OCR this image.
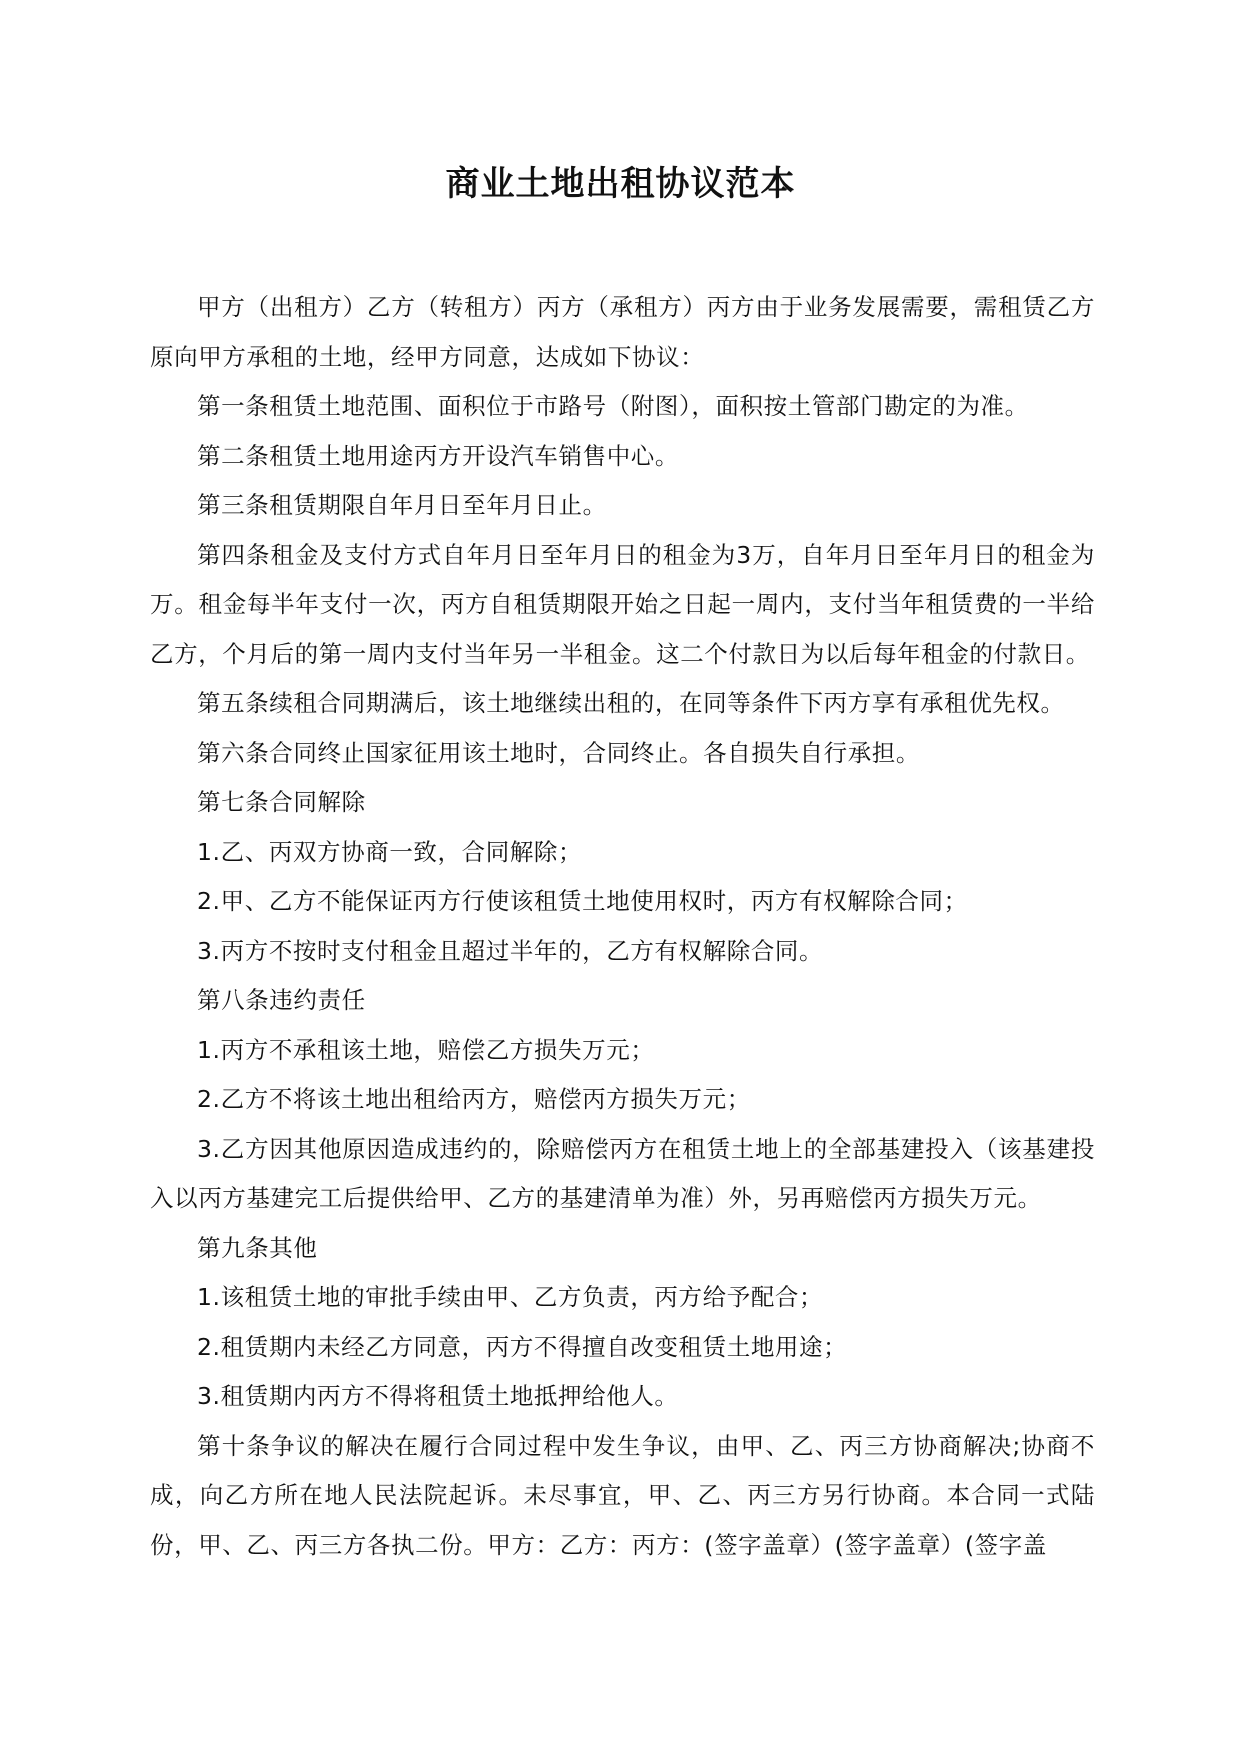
商业土地出租协议范本

甲方（出租方）乙方（转租方）丙方（承租方）丙方由于业务发展需要，需租赁乙方原向甲方承租的土地，经甲方同意，达成如下协议：

第一条租赁土地范围、面积位于市路号（附图），面积按土管部门勘定的为准。

第二条租赁土地用途丙方开设汽车销售中心。

第三条租赁期限自年月日至年月日止。

第四条租金及支付方式自年月日至年月日的租金为3万，自年月日至年月日的租金为万。租金每半年支付一次，丙方自租赁期限开始之日起一周内，支付当年租赁费的一半给乙方，个月后的第一周内支付当年另一半租金。这二个付款日为以后每年租金的付款日。

第五条续租合同期满后，该土地继续出租的，在同等条件下丙方享有承租优先权。

第六条合同终止国家征用该土地时，合同终止。各自损失自行承担。

第七条合同解除

1.乙、丙双方协商一致，合同解除；

2.甲、乙方不能保证丙方行使该租赁土地使用权时，丙方有权解除合同；

3.丙方不按时支付租金且超过半年的，乙方有权解除合同。

第八条违约责任

1.丙方不承租该土地，赔偿乙方损失万元；

2.乙方不将该土地出租给丙方，赔偿丙方损失万元；

3.乙方因其他原因造成违约的，除赔偿丙方在租赁土地上的全部基建投入（该基建投入以丙方基建完工后提供给甲、乙方的基建清单为准）外，另再赔偿丙方损失万元。

第九条其他

1.该租赁土地的审批手续由甲、乙方负责，丙方给予配合；

2.租赁期内未经乙方同意，丙方不得擅自改变租赁土地用途；

3.租赁期内丙方不得将租赁土地抵押给他人。

第十条争议的解决在履行合同过程中发生争议，由甲、乙、丙三方协商解决;协商不成，向乙方所在地人民法院起诉。未尽事宜，甲、乙、丙三方另行协商。本合同一式陆份，甲、乙、丙三方各执二份。甲方：乙方：丙方：(签字盖章）(签字盖章）(签字盖
